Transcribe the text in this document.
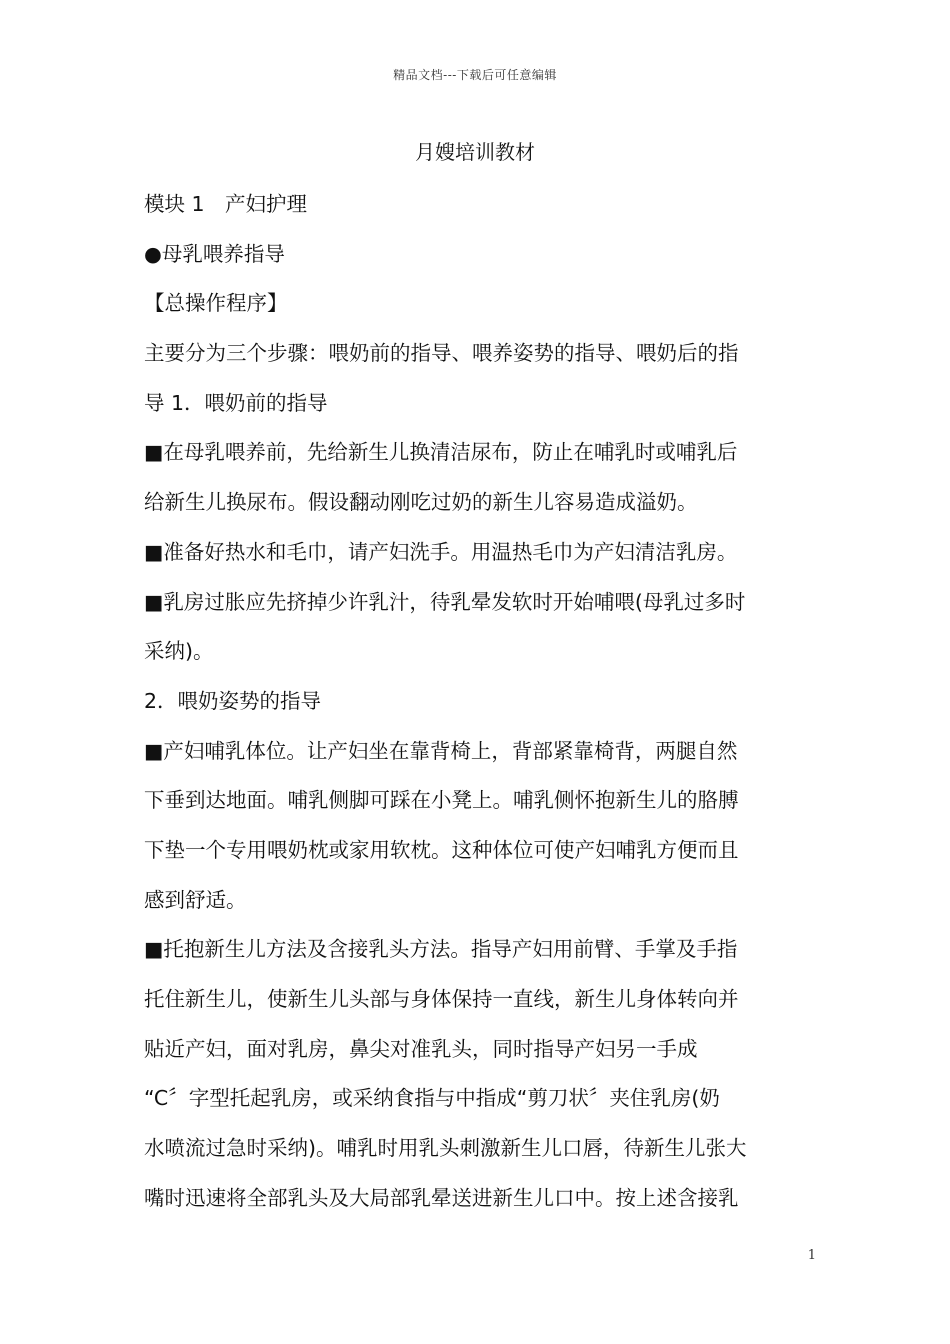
精品文档---下载后可任意编辑
月嫂培训教材
模块 1　产妇护理
●母乳喂养指导
【总操作程序】
主要分为三个步骤：喂奶前的指导、喂养姿势的指导、喂奶后的指
导 1．喂奶前的指导
■在母乳喂养前，先给新生儿换清洁尿布，防止在哺乳时或哺乳后
给新生儿换尿布。假设翻动刚吃过奶的新生儿容易造成溢奶。
■准备好热水和毛巾，请产妇洗手。用温热毛巾为产妇清洁乳房。
■乳房过胀应先挤掉少许乳汁，待乳晕发软时开始哺喂(母乳过多时
采纳)。
2．喂奶姿势的指导
■产妇哺乳体位。让产妇坐在靠背椅上，背部紧靠椅背，两腿自然
下垂到达地面。哺乳侧脚可踩在小凳上。哺乳侧怀抱新生儿的胳膊
下垫一个专用喂奶枕或家用软枕。这种体位可使产妇哺乳方便而且
感到舒适。
■托抱新生儿方法及含接乳头方法。指导产妇用前臂、手掌及手指
托住新生儿，使新生儿头部与身体保持一直线，新生儿身体转向并
贴近产妇，面对乳房，鼻尖对准乳头，同时指导产妇另一手成
“C〞字型托起乳房，或采纳食指与中指成“剪刀状〞夹住乳房(奶
水喷流过急时采纳)。哺乳时用乳头刺激新生儿口唇，待新生儿张大
嘴时迅速将全部乳头及大局部乳晕送进新生儿口中。按上述含接乳
1
